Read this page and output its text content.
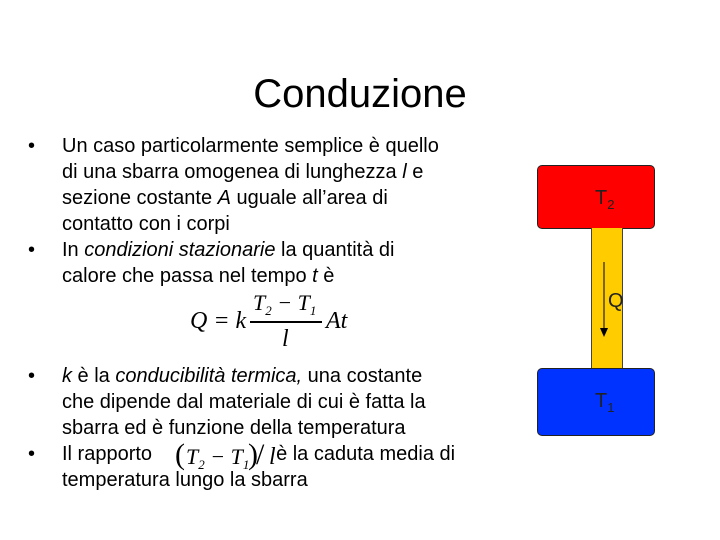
Conduzione
• Un caso particolarmente semplice è quello
di una sbarra omogenea di lunghezza l e
sezione costante A uguale all’area di
contatto con i corpi
• In condizioni stazionarie la quantità di
calore che passa nel tempo t è
Q = k
$T_2 - T_1$
l
At
• k è la conducibilità termica, una costante
che dipende dal materiale di cui è fatta la
sbarra ed è funzione della temperatura
• Il rapporto	è la caduta media di
temperatura lungo la sbarra
( $T_2 - T_1$
)
/ l
$T_2$
Q
$T_1$
